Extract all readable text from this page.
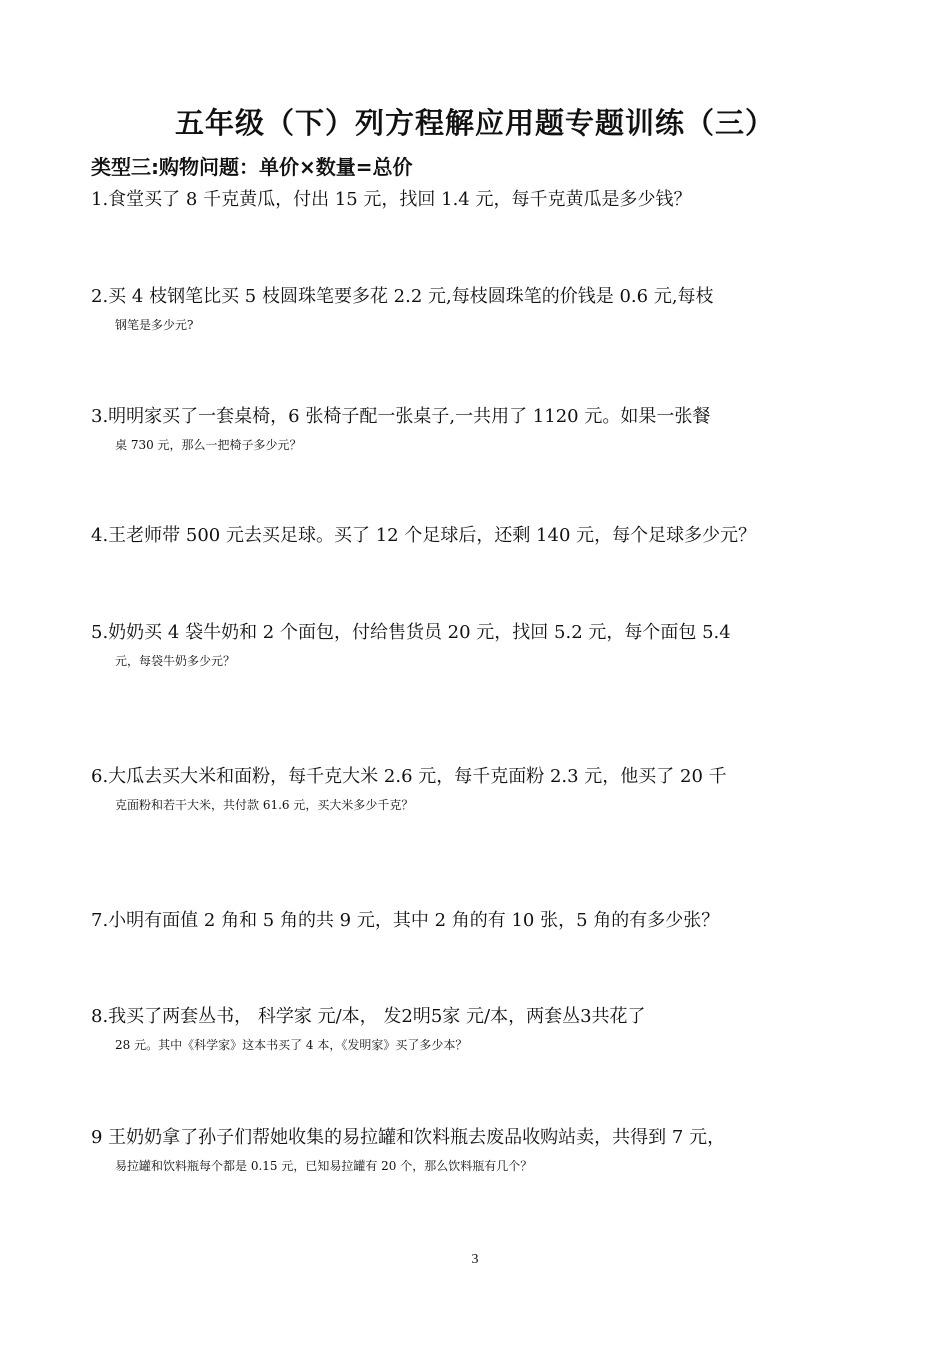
五年级（下）列方程解应用题专题训练（三）
类型三:购物问题：单价×数量=总价
1.食堂买了 8 千克黄瓜，付出 15 元，找回 1.4 元，每千克黄瓜是多少钱？
2.买 4 枝钢笔比买 5 枝圆珠笔要多花 2.2 元,每枝圆珠笔的价钱是 0.6 元,每枝
钢笔是多少元?
3.明明家买了一套桌椅，6 张椅子配一张桌子,一共用了 1120 元。如果一张餐
桌 730 元，那么一把椅子多少元？
4.王老师带 500 元去买足球。买了 12 个足球后，还剩 140 元，每个足球多少元？
5.奶奶买 4 袋牛奶和 2 个面包，付给售货员 20 元，找回 5.2 元，每个面包 5.4
元，每袋牛奶多少元？
6.大瓜去买大米和面粉，每千克大米 2.6 元，每千克面粉 2.3 元，他买了 20 千
克面粉和若干大米，共付款 61.6 元，买大米多少千克？
7.小明有面值 2 角和 5 角的共 9 元，其中 2 角的有 10 张，5 角的有多少张？
8.我买了两套丛书， 科学家 元/本， 发2明5家 元/本，两套丛3共花了
28 元。其中《科学家》这本书买了 4 本，《发明家》买了多少本？
9 王奶奶拿了孙子们帮她收集的易拉罐和饮料瓶去废品收购站卖，共得到 7 元，
易拉罐和饮料瓶每个都是 0.15 元，已知易拉罐有 20 个，那么饮料瓶有几个？
3
